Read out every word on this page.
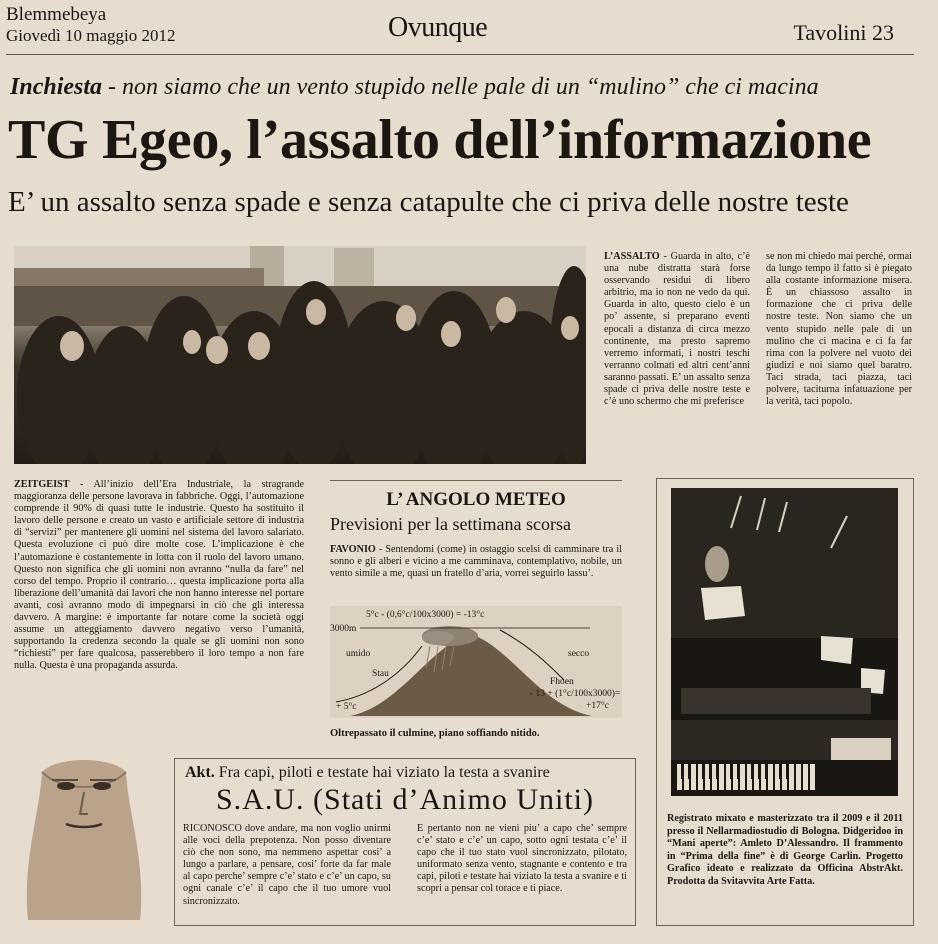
Blemmebeya
Giovedì 10 maggio 2012	Ovunque	Tavolini 23
Inchiesta - non siamo che un vento stupido nelle pale di un “mulino” che ci macina
TG Egeo, l’assalto dell’informazione
E’ un assalto senza spade e senza catapulte che ci priva delle nostre teste
L’ASSALTO - Guarda in alto, c’è una nube distratta starà forse osservando residui di libero arbitrio, ma io non ne vedo da qui. Guarda in alto, questo cielo è un po’ assente, si preparano eventi epocali a distanza di circa mezzo continente, ma presto sapremo verremo informati, i nostri teschi verranno colmati ed altri cent’anni saranno passati. E’ un assalto senza spade ci priva delle nostre teste e c’è uno schermo che mi preferisce
se non mi chiedo mai perché, ormai da lungo tempo il fatto si è piegato alla costante informazione misera. È un chiassoso assalto in formazione che ci priva delle nostre teste. Non siamo che un vento stupido nelle pale di un mulino che ci macina e ci fa far rima con la polvere nel vuoto dei giudizî e noi siamo quel baratro. Taci strada, taci piazza, taci polvere, taciturna infatuazione per la verità, taci popolo.
ZEITGEIST - All’inizio dell’Era Industriale, la stragrande maggioranza delle persone lavorava in fabbriche. Oggi, l’automazione comprende il 90% di quasi tutte le industrie. Questo ha sostituito il lavoro delle persone e creato un vasto e artificiale settore di industria di “servizi” per mantenere gli uomini nel sistema del lavoro salariato. Questa evoluzione ci può dire molte cose. L’implicazione è che l’automazione è costantemente in lotta con il ruolo del lavoro umano. Questo non significa che gli uomini non avranno “nulla da fare” nel corso del tempo. Proprio il contrario… questa implicazione porta alla liberazione dell’umanità dai lavori che non hanno interesse nel portare avanti, così avranno modo di impegnarsi in ciò che gli interessa davvero. A margine: è importante far notare come la società oggi assume un atteggiamento davvero negativo verso l’umanità, supportando la credenza secondo la quale se gli uomini non sono “richiesti” per fare qualcosa, passerebbero il loro tempo a non fare nulla. Questa è una propaganda assurda.
L’ ANGOLO METEO
Previsioni per la settimana scorsa
FAVONIO - Sentendomi (come) in ostaggio scelsi di camminare tra il sonno e gli alberi e vicino a me camminava, contemplativo, nobile, un vento simile a me, quasi un fratello d’aria, vorrei seguirlo lassu’.
5°c - (0,6°c/100x3000) = -13°c
3000m
umido	secco
Stau
Fhoen
- 13 + (1°c/100x3000)=
+17°c
+ 5°c
Oltrepassato il culmine, piano soffiando nitido.
Registrato mixato e masterizzato tra il 2009 e il 2011 presso il Nellarmadiostudio di Bologna. Didgeridoo in “Mani aperte”: Amleto D’Alessandro. Il frammento in “Prima della fine” è di George Carlin. Progetto Grafico ideato e realizzato da Officina AbstrAkt. Prodotta da Svitavvita Arte Fatta.
Akt. Fra capi, piloti e testate hai viziato la testa a svanire
S.A.U. (Stati d’Animo Uniti)
RICONOSCO dove andare, ma non voglio unirmi alle voci della prepotenza. Non posso diventare ciò che non sono, ma nemmeno aspettar cosi’ a lungo a parlare, a pensare, cosi’ forte da far male al capo perche’ sempre c’e’ stato e c’e’ un capo, su ogni canale c’e’ il capo che il tuo umore vuol sincronizzato.
E pertanto non ne vieni piu’ a capo che’ sempre c’e’ stato e c’e’ un capo, sotto ogni testata c’e’ il capo che il tuo stato vuol sincronizzato, pilotato, uniformato senza vento, stagnante e contento e tra capi, piloti e testate hai viziato la testa a svanire e ti scopri a pensar col torace e ti piace.
